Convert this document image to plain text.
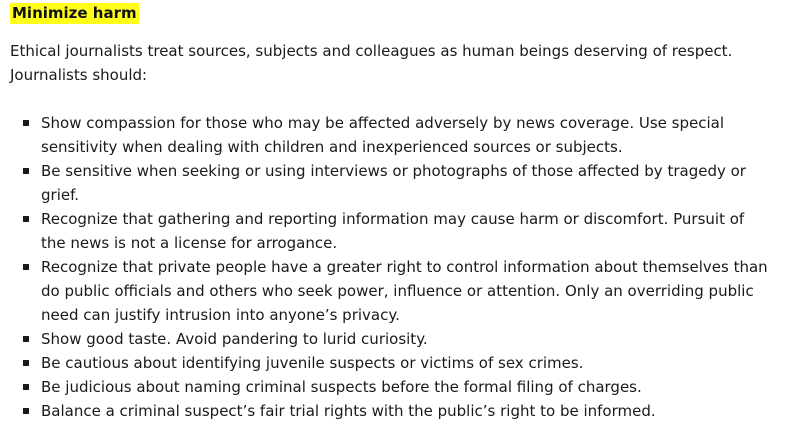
Minimize harm

Ethical journalists treat sources, subjects and colleagues as human beings deserving of respect. Journalists should:

Show compassion for those who may be affected adversely by news coverage. Use special sensitivity when dealing with children and inexperienced sources or subjects.
Be sensitive when seeking or using interviews or photographs of those affected by tragedy or grief.
Recognize that gathering and reporting information may cause harm or discomfort. Pursuit of the news is not a license for arrogance.
Recognize that private people have a greater right to control information about themselves than do public officials and others who seek power, influence or attention. Only an overriding public need can justify intrusion into anyone’s privacy.
Show good taste. Avoid pandering to lurid curiosity.
Be cautious about identifying juvenile suspects or victims of sex crimes.
Be judicious about naming criminal suspects before the formal filing of charges.
Balance a criminal suspect’s fair trial rights with the public’s right to be informed.
